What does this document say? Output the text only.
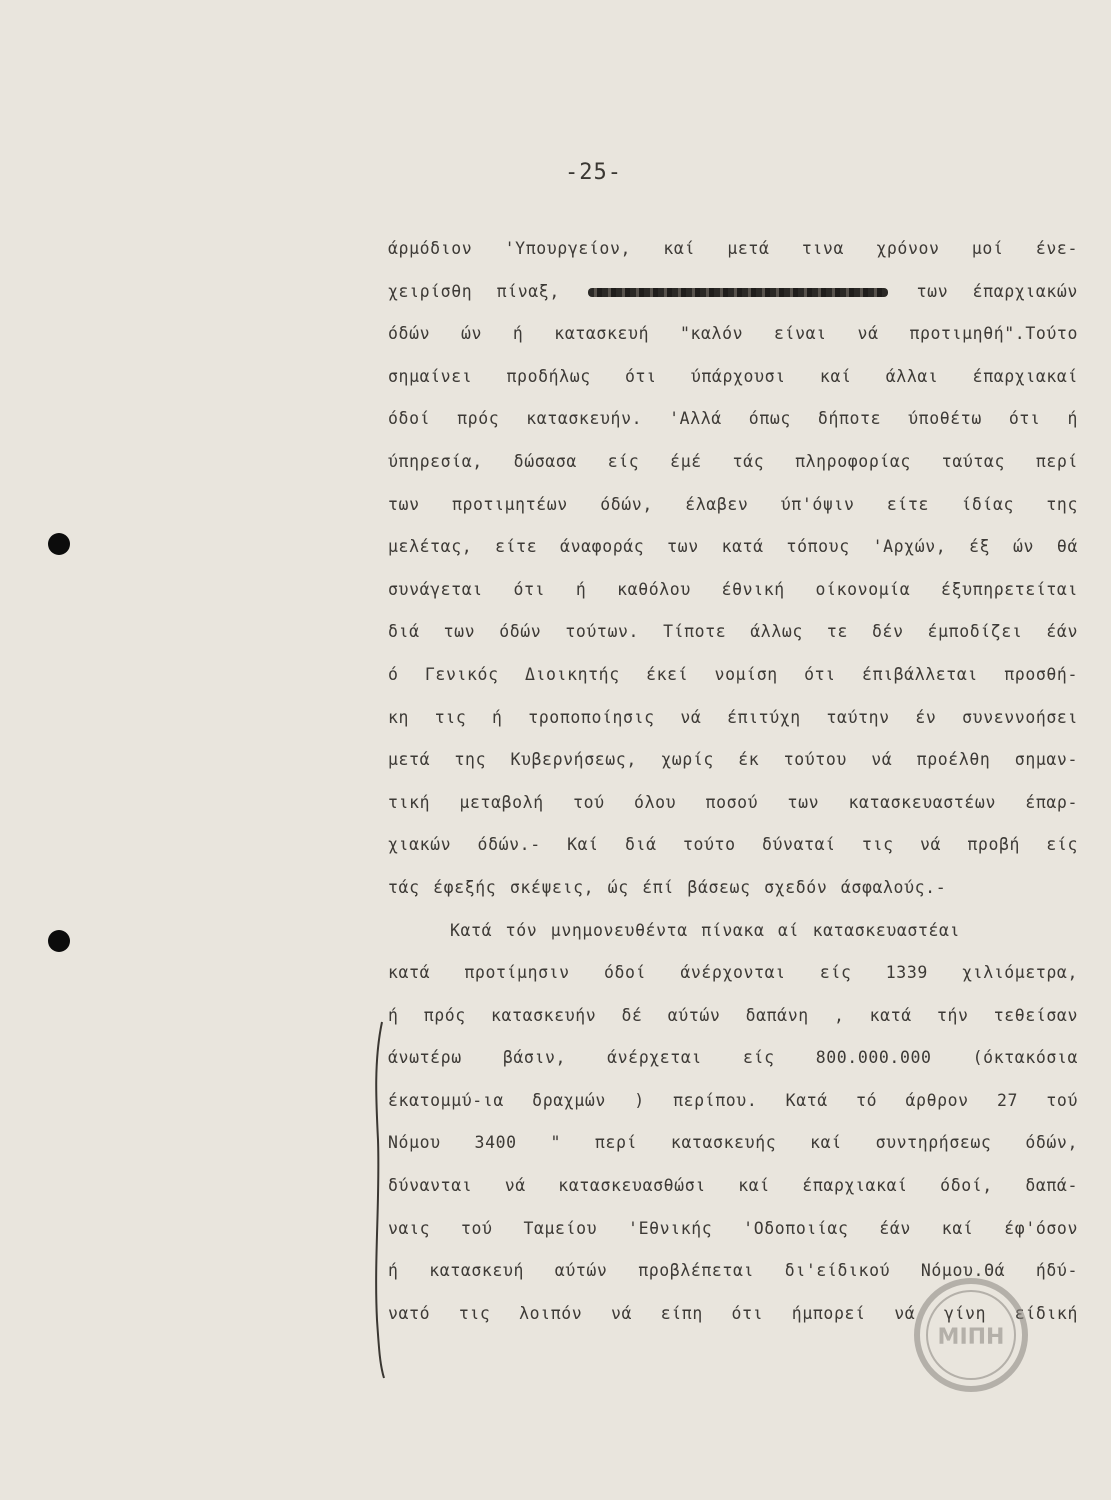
-25-
άρμόδιον 'Υπουργείον, καί μετά τινα χρόνον μοί ένε-
χειρίσθη πίναξ,	των έπαρχιακών
όδών ών ή κατασκευή "καλόν είναι νά προτιμηθή".Τούτο
σημαίνει προδήλως ότι ύπάρχουσι καί άλλαι έπαρχιακαί
όδοί πρός κατασκευήν. 'Αλλά όπως δήποτε ύποθέτω ότι ή
ύπηρεσία, δώσασα είς έμέ τάς πληροφορίας ταύτας περί
των προτιμητέων όδών, έλαβεν ύπ'όψιν είτε ίδίας της
μελέτας, είτε άναφοράς των κατά τόπους 'Αρχών, έξ ών θά
συνάγεται ότι ή καθόλου έθνική οίκονομία έξυπηρετείται
διά των όδών τούτων. Τίποτε άλλως τε δέν έμποδίζει έάν
ό Γενικός Διοικητής έκεί νομίση ότι έπιβάλλεται προσθή-
κη τις ή τροποποίησις νά έπιτύχη ταύτην έν συνεννοήσει
μετά της Κυβερνήσεως, χωρίς έκ τούτου νά προέλθη σημαν-
τική μεταβολή τού όλου ποσού των κατασκευαστέων έπαρ-
χιακών όδών.- Καί διά τούτο δύναταί τις νά προβή είς
τάς έφεξής σκέψεις, ώς έπί βάσεως σχεδόν άσφαλούς.-
Κατά τόν μνημονευθέντα πίνακα αί κατασκευαστέαι
κατά προτίμησιν όδοί άνέρχονται είς 1339 χιλιόμετρα,
ή πρός κατασκευήν δέ αύτών δαπάνη , κατά τήν τεθείσαν
άνωτέρω βάσιν, άνέρχεται είς 800.000.000 (όκτακόσια
έκατομμύ-ια δραχμών ) περίπου. Κατά τό άρθρον 27 τού
Νόμου 3400 " περί κατασκευής καί συντηρήσεως όδών,
δύνανται νά κατασκευασθώσι καί έπαρχιακαί όδοί, δαπά-
ναις τού Ταμείου 'Εθνικής 'Οδοποιίας έάν καί έφ'όσον
ή κατασκευή αύτών προβλέπεται δι'είδικού Νόμου.Θά ήδύ-
νατό τις λοιπόν νά είπη ότι ήμπορεί νά γίνη είδική
ΜΙΠΗ
